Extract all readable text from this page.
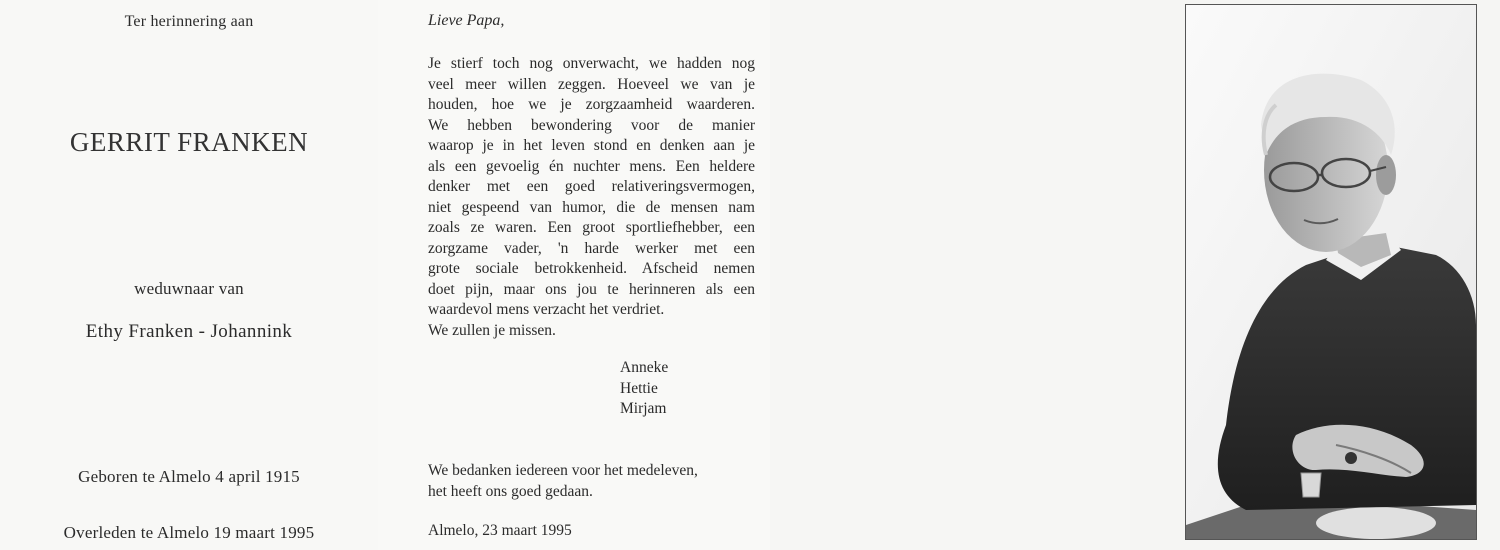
Ter herinnering aan
GERRIT FRANKEN
weduwnaar van
Ethy Franken - Johannink
Geboren te Almelo 4 april 1915
Overleden te Almelo 19 maart 1995
Lieve Papa,
Je stierf toch nog onverwacht, we hadden nog
veel meer willen zeggen. Hoeveel we van je
houden, hoe we je zorgzaamheid waarderen.
We hebben bewondering voor de manier
waarop je in het leven stond en denken aan je
als een gevoelig én nuchter mens. Een heldere
denker met een goed relativeringsvermogen,
niet gespeend van humor, die de mensen nam
zoals ze waren. Een groot sportliefhebber, een
zorgzame vader, 'n harde werker met een
grote sociale betrokkenheid. Afscheid nemen
doet pijn, maar ons jou te herinneren als een
waardevol mens verzacht het verdriet.
We zullen je missen.
Anneke
Hettie
Mirjam
We bedanken iedereen voor het medeleven,
het heeft ons goed gedaan.
Almelo, 23 maart 1995
